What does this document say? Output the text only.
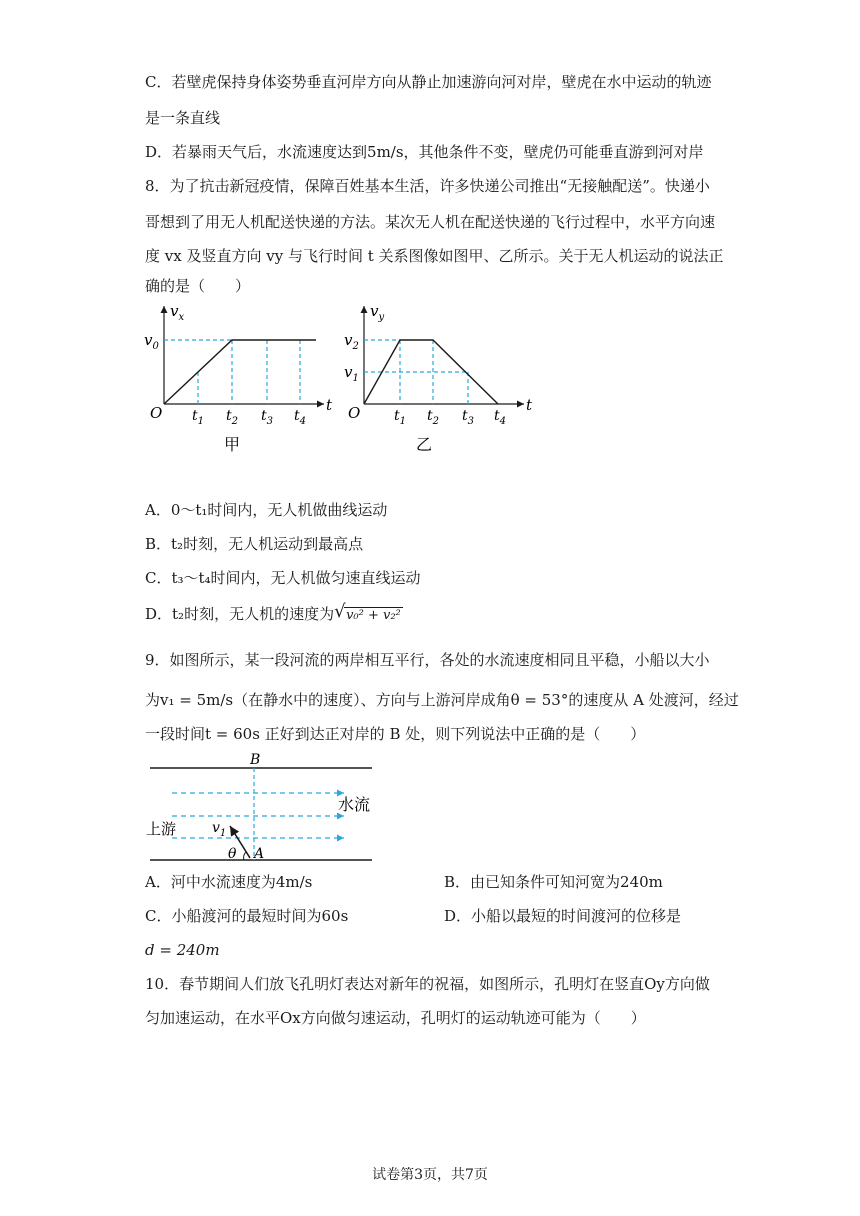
C．若壁虎保持身体姿势垂直河岸方向从静止加速游向河对岸，壁虎在水中运动的轨迹
是一条直线
D．若暴雨天气后，水流速度达到5m/s，其他条件不变，壁虎仍可能垂直游到河对岸
8．为了抗击新冠疫情，保障百姓基本生活，许多快递公司推出“无接触配送”。快递小
哥想到了用无人机配送快递的方法。某次无人机在配送快递的飞行过程中，水平方向速
度 vx 及竖直方向 vy 与飞行时间 t 关系图像如图甲、乙所示。关于无人机运动的说法正
确的是（　　）
$v_x$
$v_0$
O	t
$t_1$ $t_2$ $t_3$ $t_4$
甲
$v_y$
$v_2$
$v_1$
O	t
$t_1$ $t_2$ $t_3$ $t_4$
乙
A．0～t₁时间内，无人机做曲线运动
B．t₂时刻，无人机运动到最高点
C．t₃～t₄时间内，无人机做匀速直线运动
D．t₂时刻，无人机的速度为 √ v₀² + v₂²
9．如图所示，某一段河流的两岸相互平行，各处的水流速度相同且平稳，小船以大小
为v₁ = 5m/s（在静水中的速度）、方向与上游河岸成角θ = 53°的速度从 A 处渡河，经过
一段时间t = 60s 正好到达正对岸的 B 处，则下列说法中正确的是（　　）
B
A
θ
$v_1$
水流
上游
A．河中水流速度为4m/s	B．由已知条件可知河宽为240m
C．小船渡河的最短时间为60s	D．小船以最短的时间渡河的位移是
d = 240m
10．春节期间人们放飞孔明灯表达对新年的祝福，如图所示，孔明灯在竖直Oy方向做
匀加速运动，在水平Ox方向做匀速运动，孔明灯的运动轨迹可能为（　　）
试卷第3页，共7页
